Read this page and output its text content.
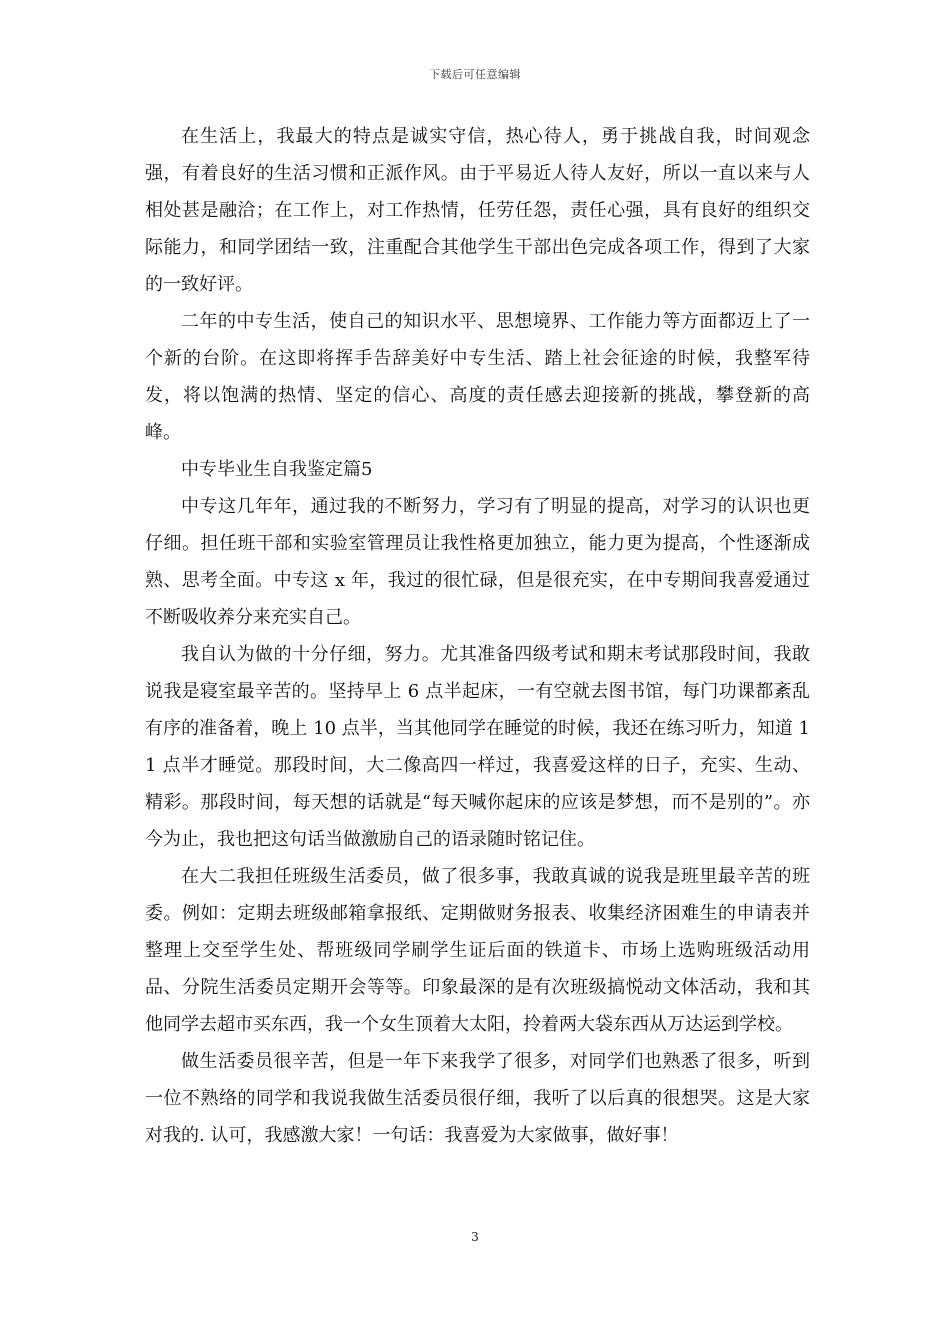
下载后可任意编辑

在生活上，我最大的特点是诚实守信，热心待人，勇于挑战自我，时间观念强，有着良好的生活习惯和正派作风。由于平易近人待人友好，所以一直以来与人相处甚是融洽；在工作上，对工作热情，任劳任怨，责任心强，具有良好的组织交际能力，和同学团结一致，注重配合其他学生干部出色完成各项工作，得到了大家的一致好评。

二年的中专生活，使自己的知识水平、思想境界、工作能力等方面都迈上了一个新的台阶。在这即将挥手告辞美好中专生活、踏上社会征途的时候，我整军待发，将以饱满的热情、坚定的信心、高度的责任感去迎接新的挑战，攀登新的高峰。

中专毕业生自我鉴定篇5

中专这几年年，通过我的不断努力，学习有了明显的提高，对学习的认识也更仔细。担任班干部和实验室管理员让我性格更加独立，能力更为提高，个性逐渐成熟、思考全面。中专这 x 年，我过的很忙碌，但是很充实，在中专期间我喜爱通过不断吸收养分来充实自己。

我自认为做的十分仔细，努力。尤其准备四级考试和期末考试那段时间，我敢说我是寝室最辛苦的。坚持早上 6 点半起床，一有空就去图书馆，每门功课都紊乱有序的准备着，晚上 10 点半，当其他同学在睡觉的时候，我还在练习听力，知道 11 点半才睡觉。那段时间，大二像高四一样过，我喜爱这样的日子，充实、生动、精彩。那段时间，每天想的话就是“每天喊你起床的应该是梦想，而不是别的”。亦今为止，我也把这句话当做激励自己的语录随时铭记住。

在大二我担任班级生活委员，做了很多事，我敢真诚的说我是班里最辛苦的班委。例如：定期去班级邮箱拿报纸、定期做财务报表、收集经济困难生的申请表并整理上交至学生处、帮班级同学刷学生证后面的铁道卡、市场上选购班级活动用品、分院生活委员定期开会等等。印象最深的是有次班级搞悦动文体活动，我和其他同学去超市买东西，我一个女生顶着大太阳，拎着两大袋东西从万达运到学校。

做生活委员很辛苦，但是一年下来我学了很多，对同学们也熟悉了很多，听到一位不熟络的同学和我说我做生活委员很仔细，我听了以后真的很想哭。这是大家对我的. 认可，我感激大家！一句话：我喜爱为大家做事，做好事！

3
